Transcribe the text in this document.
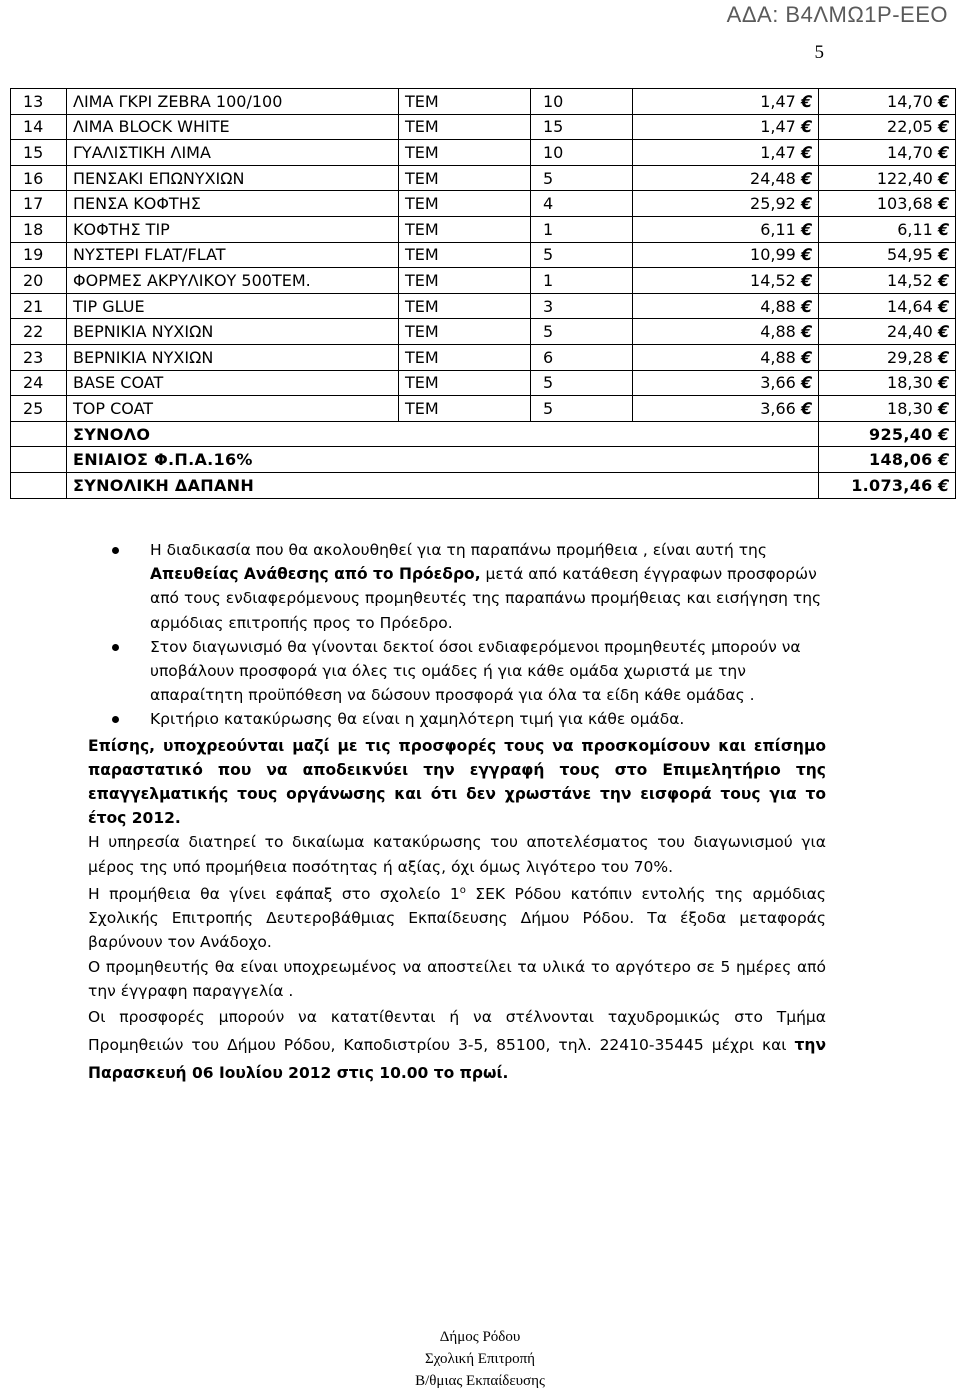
ΑΔΑ: Β4ΛΜΩ1Ρ-ΕΕΟ
5
13	ΛΙΜΑ ΓΚΡΙ ZEBRA 100/100	ΤΕΜ	10	1,47 €	14,70 €
14	ΛΙΜΑ BLOCK WHITE	ΤΕΜ	15	1,47 €	22,05 €
15	ΓΥΑΛΙΣΤΙΚΗ ΛΙΜΑ	ΤΕΜ	10	1,47 €	14,70 €
16	ΠΕΝΣΑΚΙ ΕΠΩΝΥΧΙΩΝ	ΤΕΜ	5	24,48 €	122,40 €
17	ΠΕΝΣΑ ΚΟΦΤΗΣ	ΤΕΜ	4	25,92 €	103,68 €
18	ΚΟΦΤΗΣ TIP	ΤΕΜ	1	6,11 €	6,11 €
19	ΝΥΣΤΕΡΙ FLAT/FLAT	ΤΕΜ	5	10,99 €	54,95 €
20	ΦΟΡΜΕΣ ΑΚΡΥΛΙΚΟΥ 500ΤΕΜ.	ΤΕΜ	1	14,52 €	14,52 €
21	TIP GLUE	ΤΕΜ	3	4,88 €	14,64 €
22	ΒΕΡΝΙΚΙΑ ΝΥΧΙΩΝ	ΤΕΜ	5	4,88 €	24,40 €
23	ΒΕΡΝΙΚΙΑ ΝΥΧΙΩΝ	ΤΕΜ	6	4,88 €	29,28 €
24	BASE COAT	ΤΕΜ	5	3,66 €	18,30 €
25	TOP COAT	ΤΕΜ	5	3,66 €	18,30 €
	ΣΥΝΟΛΟ				925,40 €
	ΕΝΙΑΙΟΣ Φ.Π.Α.16%				148,06 €
	ΣΥΝΟΛΙΚΗ ΔΑΠΑΝΗ				1.073,46 €
Η διαδικασία που θα ακολουθηθεί για τη παραπάνω προμήθεια , είναι αυτή της Απευθείας Ανάθεσης από το Πρόεδρο, μετά από κατάθεση έγγραφων προσφορών από τους ενδιαφερόμενους προμηθευτές της παραπάνω προμήθειας και εισήγηση της αρμόδιας επιτροπής προς το Πρόεδρο.
Στον διαγωνισμό θα γίνονται δεκτοί όσοι ενδιαφερόμενοι προμηθευτές μπορούν να υποβάλουν προσφορά για όλες τις ομάδες ή για κάθε ομάδα χωριστά με την απαραίτητη προϋπόθεση να δώσουν προσφορά για όλα τα είδη κάθε ομάδας .
Κριτήριο κατακύρωσης θα είναι η χαμηλότερη τιμή για κάθε ομάδα.
Επίσης, υποχρεούνται μαζί με τις προσφορές τους να προσκομίσουν και επίσημο παραστατικό που να αποδεικνύει την εγγραφή τους στο Επιμελητήριο της επαγγελματικής τους οργάνωσης και ότι δεν χρωστάνε την εισφορά τους για το έτος 2012.
Η υπηρεσία διατηρεί το δικαίωμα κατακύρωσης του αποτελέσματος του διαγωνισμού για μέρος της υπό προμήθεια ποσότητας ή αξίας, όχι όμως λιγότερο του 70%.
Η προμήθεια θα γίνει εφάπαξ στο σχολείο $1^o$ ΣΕΚ Ρόδου κατόπιν εντολής της αρμόδιας Σχολικής Επιτροπής Δευτεροβάθμιας Εκπαίδευσης Δήμου Ρόδου. Τα έξοδα μεταφοράς βαρύνουν τον Ανάδοχο.
Ο προμηθευτής θα είναι υποχρεωμένος να αποστείλει τα υλικά το αργότερο σε 5 ημέρες από την έγγραφη παραγγελία .
Οι προσφορές μπορούν να κατατίθενται ή να στέλνονται ταχυδρομικώς στο Τμήμα Προμηθειών του Δήμου Ρόδου, Καποδιστρίου 3-5, 85100, τηλ. 22410-35445 μέχρι και την Παρασκευή 06 Ιουλίου 2012 στις 10.00 το πρωί.
Δήμος Ρόδου
Σχολική Επιτροπή
Β/θμιας Εκπαίδευσης
